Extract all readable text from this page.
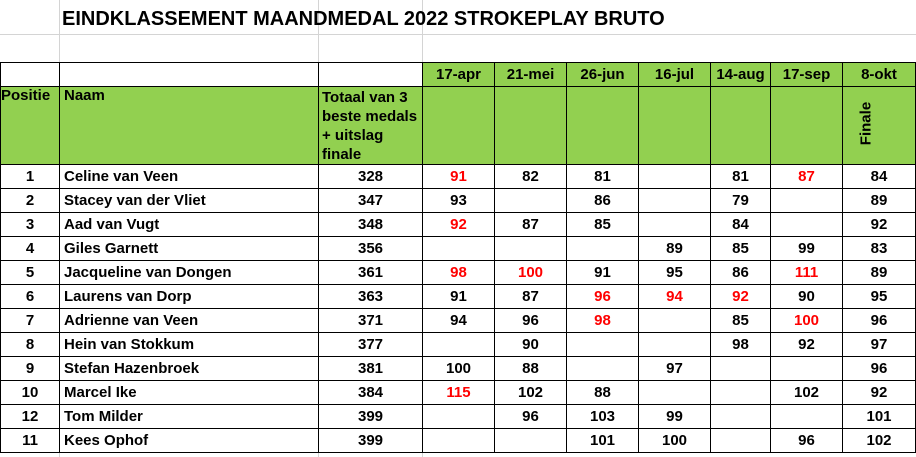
EINDKLASSEMENT MAANDMEDAL 2022 STROKEPLAY BRUTO
			17-apr	21-mei	26-jun	16-jul	14-aug	17-sep	8-okt
Positie	Naam	Totaal van 3 beste medals + uitslag finale							Finale

1	Celine van Veen	328	91	82	81		81	87	84
2	Stacey van der Vliet	347	93		86		79		89
3	Aad van Vugt	348	92	87	85		84		92
4	Giles Garnett	356				89	85	99	83
5	Jacqueline van Dongen	361	98	100	91	95	86	111	89
6	Laurens van Dorp	363	91	87	96	94	92	90	95
7	Adrienne van Veen	371	94	96	98		85	100	96
8	Hein van Stokkum	377		90			98	92	97
9	Stefan Hazenbroek	381	100	88		97			96
10	Marcel Ike	384	115	102	88			102	92
12	Tom Milder	399		96	103	99			101
11	Kees Ophof	399			101	100		96	102
